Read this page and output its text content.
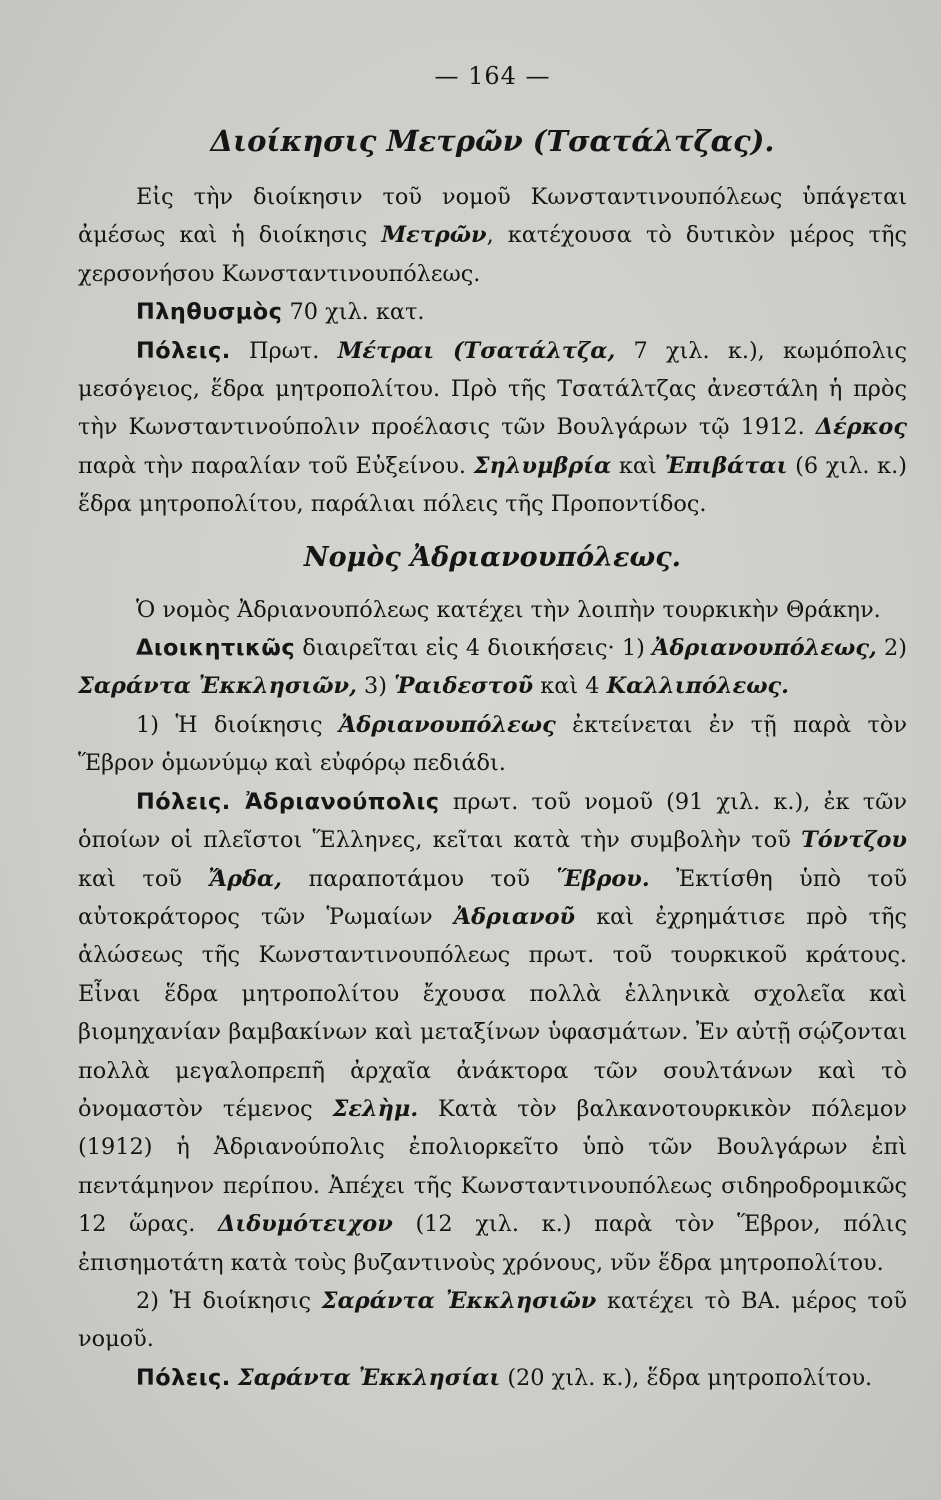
— 164 —
Διοίκησις Μετρῶν (Τσατάλτζας).

Εἰς τὴν διοίκησιν τοῦ νομοῦ Κωνσταντινουπόλεως ὑπάγεται ἀμέσως καὶ ἡ διοίκησις Μετρῶν, κατέχουσα τὸ δυτικὸν μέρος τῆς χερσονήσου Κωνσταντινουπόλεως.

Πληθυσμὸς 70 χιλ. κατ.

Πόλεις. Πρωτ. Μέτραι (Τσατάλτζα, 7 χιλ. κ.), κωμόπολις μεσόγειος, ἕδρα μητροπολίτου. Πρὸ τῆς Τσατάλτζας ἀνεστάλη ἡ πρὸς τὴν Κωνσταντινούπολιν προέλασις τῶν Βουλγάρων τῷ 1912. Δέρκος παρὰ τὴν παραλίαν τοῦ Εὐξείνου. Σηλυμβρία καὶ Ἐπιβάται (6 χιλ. κ.) ἕδρα μητροπολίτου, παράλιαι πόλεις τῆς Προποντίδος.

Νομὸς Ἀδριανουπόλεως.

Ὁ νομὸς Ἀδριανουπόλεως κατέχει τὴν λοιπὴν τουρκικὴν Θράκην.

Διοικητικῶς διαιρεῖται εἰς 4 διοικήσεις· 1) Ἀδριανουπόλεως, 2) Σαράντα Ἐκκλησιῶν, 3) Ῥαιδεστοῦ καὶ 4 Καλλιπόλεως.

1) Ἡ διοίκησις Ἀδριανουπόλεως ἐκτείνεται ἐν τῇ παρὰ τὸν Ἕβρον ὁμωνύμῳ καὶ εὐφόρῳ πεδιάδι.

Πόλεις. Ἀδριανούπολις πρωτ. τοῦ νομοῦ (91 χιλ. κ.), ἐκ τῶν ὁποίων οἱ πλεῖστοι Ἕλληνες, κεῖται κατὰ τὴν συμβολὴν τοῦ Τόντζου καὶ τοῦ Ἄρδα, παραποτάμου τοῦ Ἕβρου. Ἐκτίσθη ὑπὸ τοῦ αὐτοκράτορος τῶν Ῥωμαίων Ἀδριανοῦ καὶ ἐχρημάτισε πρὸ τῆς ἁλώσεως τῆς Κωνσταντινουπόλεως πρωτ. τοῦ τουρκικοῦ κράτους. Εἶναι ἕδρα μητροπολίτου ἔχουσα πολλὰ ἑλληνικὰ σχολεῖα καὶ βιομηχανίαν βαμβακίνων καὶ μεταξίνων ὑφασμάτων. Ἐν αὐτῇ σῴζονται πολλὰ μεγαλοπρεπῆ ἀρχαῖα ἀνάκτορα τῶν σουλτάνων καὶ τὸ ὀνομαστὸν τέμενος Σελὴμ. Κατὰ τὸν βαλκανοτουρκικὸν πόλεμον (1912) ἡ Ἀδριανούπολις ἐπολιορκεῖτο ὑπὸ τῶν Βουλγάρων ἐπὶ πεντάμηνον περίπου. Ἀπέχει τῆς Κωνσταντινουπόλεως σιδηροδρομικῶς 12 ὥρας. Διδυμότειχον (12 χιλ. κ.) παρὰ τὸν Ἕβρον, πόλις ἐπισημοτάτη κατὰ τοὺς βυζαντινοὺς χρόνους, νῦν ἕδρα μητροπολίτου.

2) Ἡ διοίκησις Σαράντα Ἐκκλησιῶν κατέχει τὸ ΒΑ. μέρος τοῦ νομοῦ.

Πόλεις. Σαράντα Ἐκκλησίαι (20 χιλ. κ.), ἕδρα μητροπολίτου.
